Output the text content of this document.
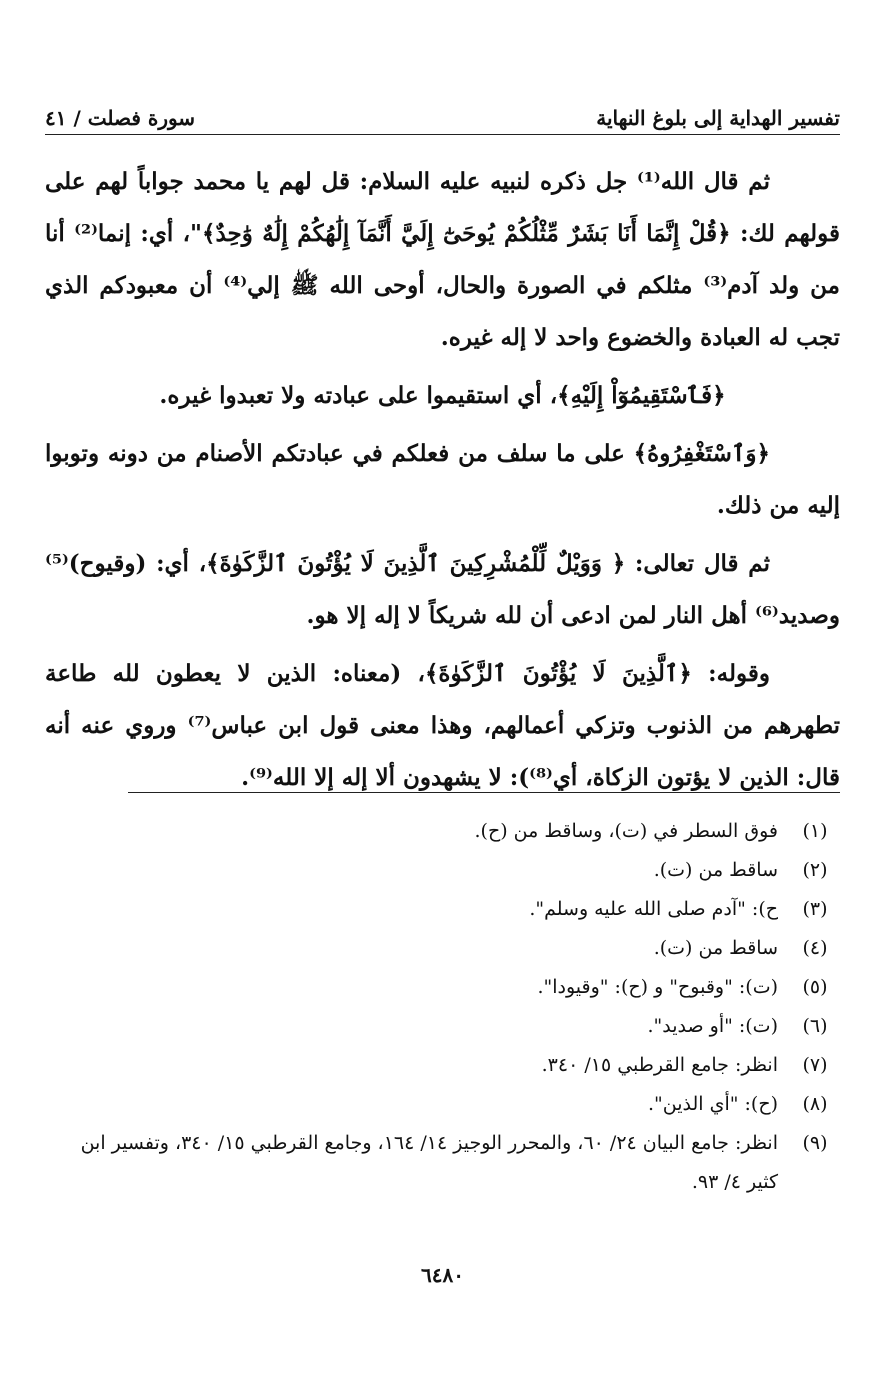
تفسير الهداية إلى بلوغ النهاية
سورة فصلت / ٤١

ثم قال الله⁽¹⁾ جل ذكره لنبيه عليه السلام: قل لهم يا محمد جواباً لهم على قولهم لك: ﴿قُلْ إِنَّمَا أَنَا بَشَرٌ مِّثْلُكُمْ يُوحَىٰٓ إِلَيَّ أَنَّمَآ إِلَٰهُكُمْ إِلَٰهٌ وَٰحِدٌ﴾"، أي: إنما⁽²⁾ أنا من ولد آدم⁽³⁾ مثلكم في الصورة والحال، أوحى الله ﷺ إلي⁽⁴⁾ أن معبودكم الذي تجب له العبادة والخضوع واحد لا إله غيره.

﴿فَٱسْتَقِيمُوٓاْ إِلَيْهِ﴾، أي استقيموا على عبادته ولا تعبدوا غيره.

﴿وَٱسْتَغْفِرُوهُ﴾ على ما سلف من فعلكم في عبادتكم الأصنام من دونه وتوبوا إليه من ذلك.

ثم قال تعالى: ﴿ وَوَيْلٌ لِّلْمُشْرِكِينَ ٱلَّذِينَ لَا يُؤْتُونَ ٱلزَّكَوٰةَ﴾، أي: (وقيوح)⁽⁵⁾ وصديد⁽⁶⁾ أهل النار لمن ادعى أن لله شريكاً لا إله إلا هو.

وقوله: ﴿ٱلَّذِينَ لَا يُؤْتُونَ ٱلزَّكَوٰةَ﴾، (معناه: الذين لا يعطون لله طاعة تطهرهم من الذنوب وتزكي أعمالهم، وهذا معنى قول ابن عباس⁽⁷⁾ وروي عنه أنه قال: الذين لا يؤتون الزكاة، أي⁽⁸⁾): لا يشهدون ألا إله إلا الله⁽⁹⁾.

(١)
فوق السطر في (ت)، وساقط من (ح).
(٢)
ساقط من (ت).
(٣)
ح): "آدم صلى الله عليه وسلم".
(٤)
ساقط من (ت).
(٥)
(ت): "وقبوح" و (ح): "وقيودا".
(٦)
(ت): "أو صديد".
(٧)
انظر: جامع القرطبي ١٥/ ٣٤٠.
(٨)
(ح): "أي الذين".
(٩)
انظر: جامع البيان ٢٤/ ٦٠، والمحرر الوجيز ١٤/ ١٦٤، وجامع القرطبي ١٥/ ٣٤٠، وتفسير ابن كثير ٤/ ٩٣.
٦٤٨٠
